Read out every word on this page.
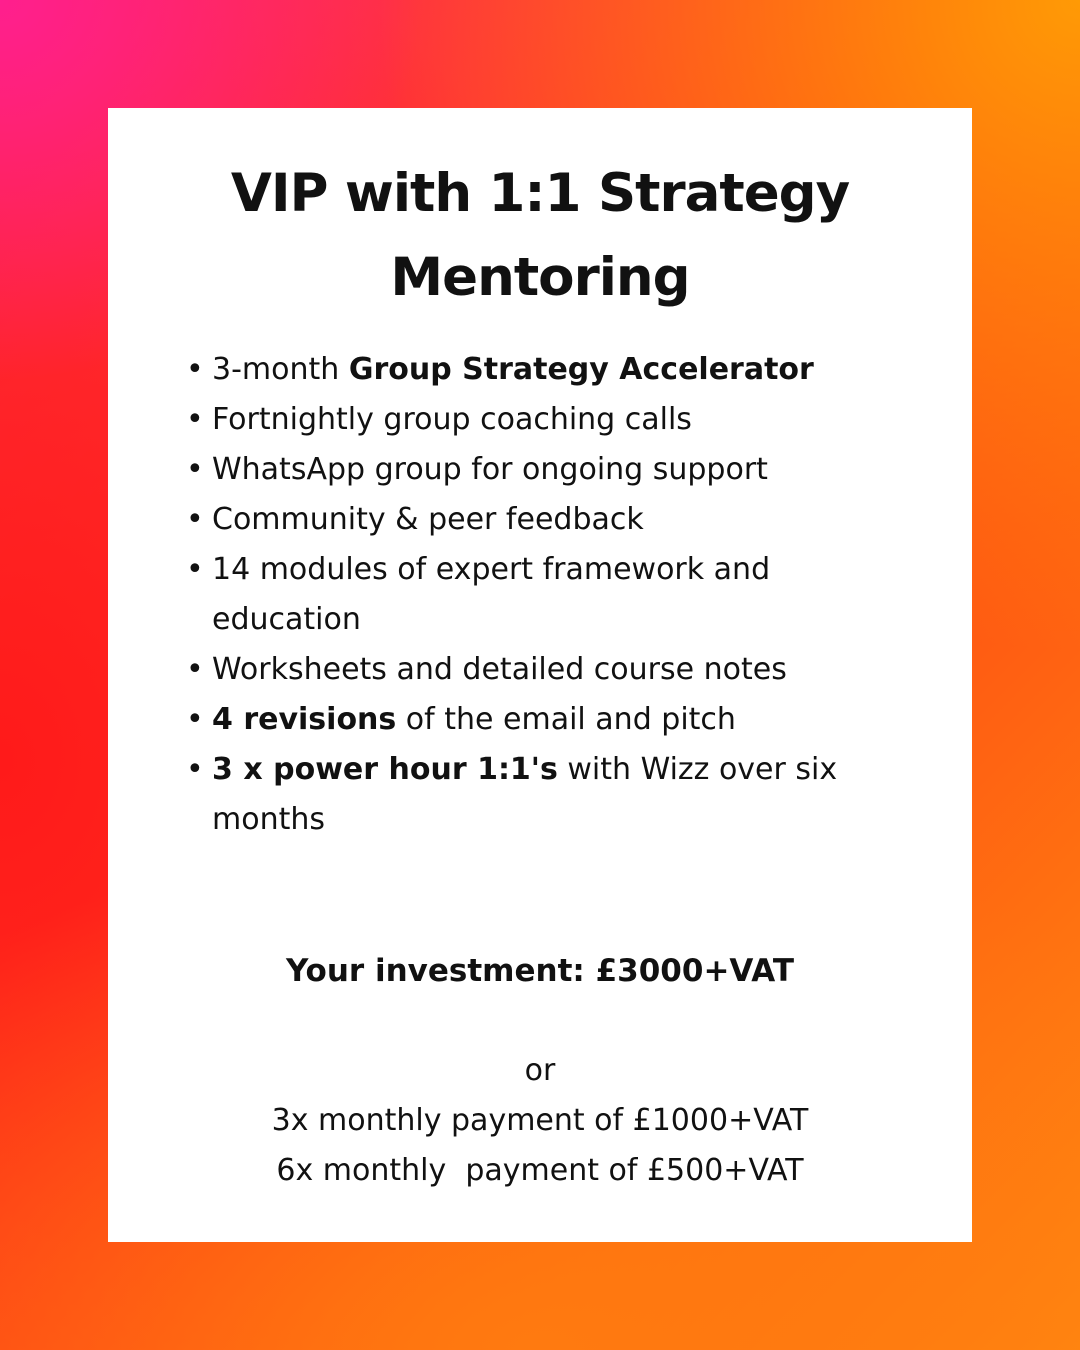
VIP with 1:1 Strategy
Mentoring
• 3-month Group Strategy Accelerator
• Fortnightly group coaching calls
• WhatsApp group for ongoing support
• Community & peer feedback
• 14 modules of expert framework and education
• Worksheets and detailed course notes
• 4 revisions of the email and pitch
• 3 x power hour 1:1's with Wizz over six months

Your investment: £3000+VAT

or
3x monthly payment of £1000+VAT
6x monthly  payment of £500+VAT
